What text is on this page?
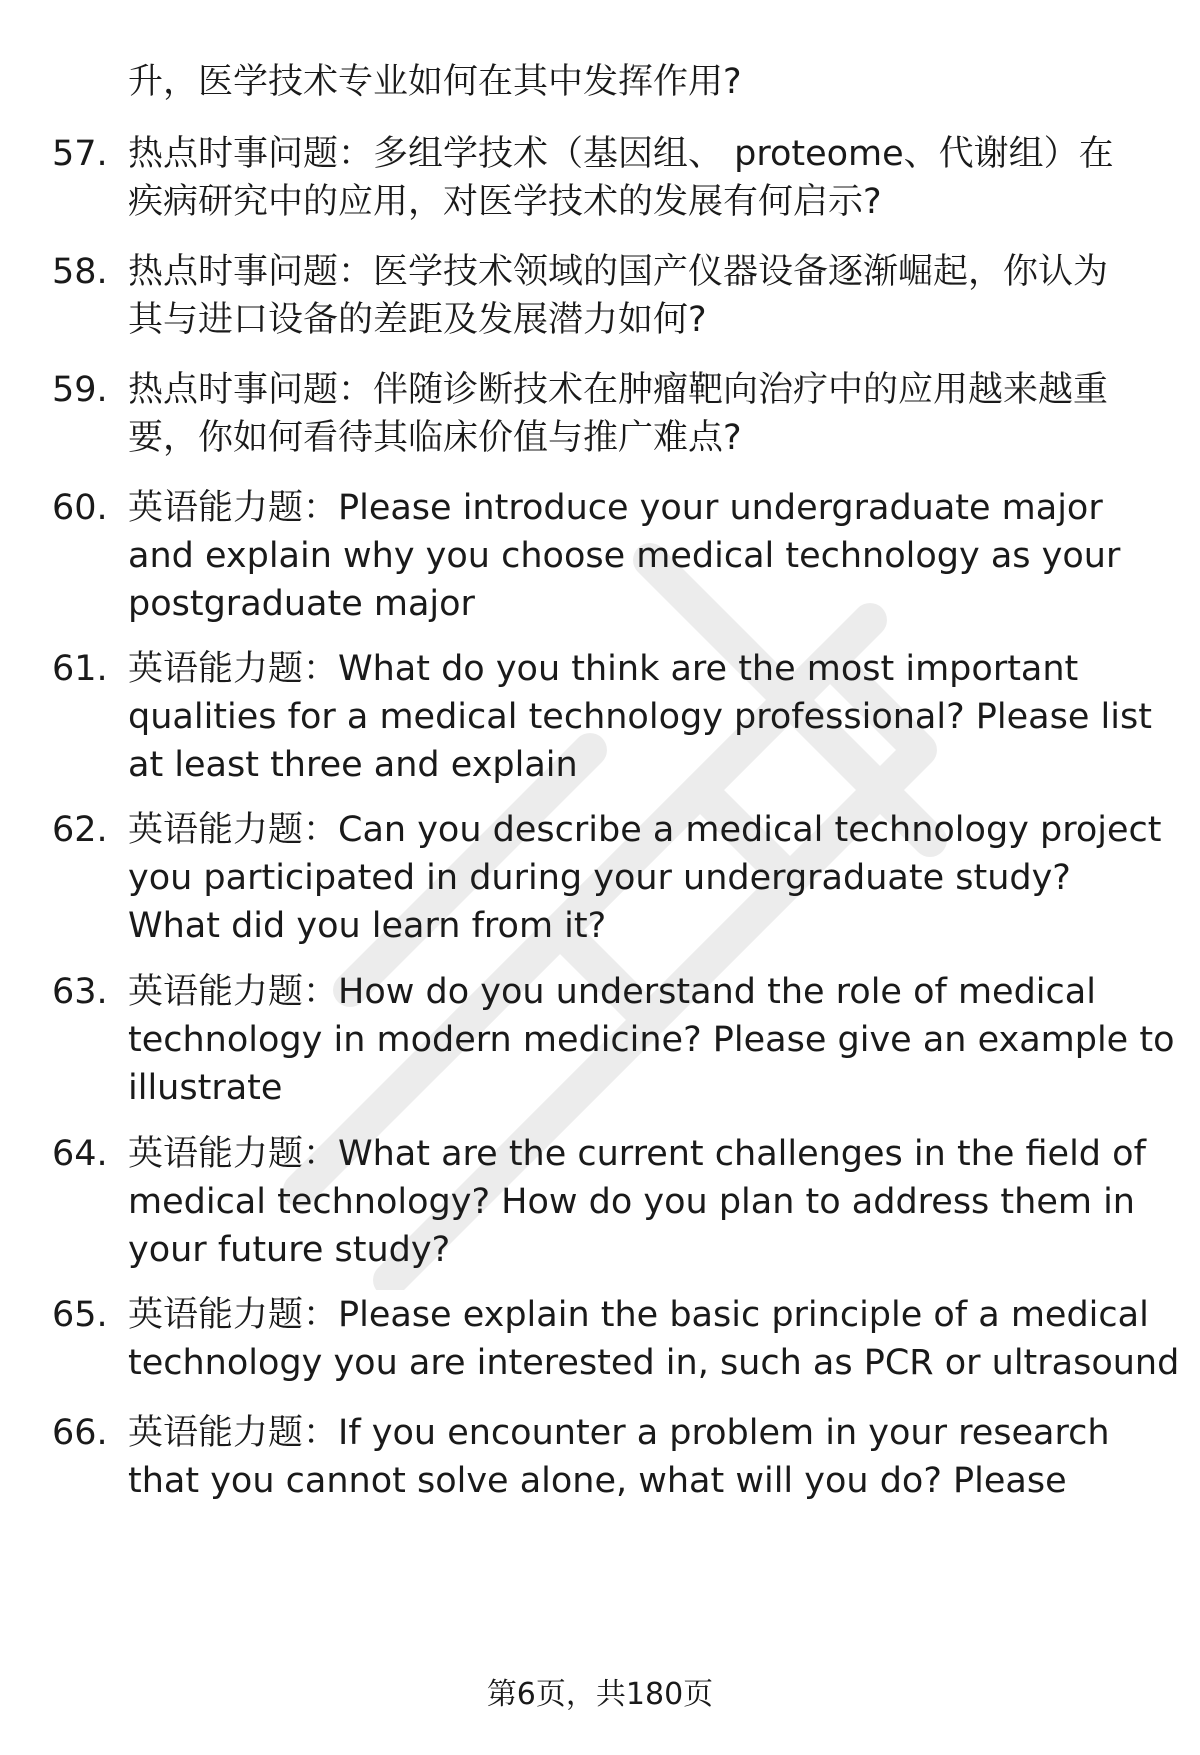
升，医学技术专业如何在其中发挥作用?
57. 热点时事问题：多组学技术（基因组、 proteome、代谢组）在
疾病研究中的应用，对医学技术的发展有何启示?
58. 热点时事问题：医学技术领域的国产仪器设备逐渐崛起，你认为
其与进口设备的差距及发展潜力如何?
59. 热点时事问题：伴随诊断技术在肿瘤靶向治疗中的应用越来越重
要，你如何看待其临床价值与推广难点?
60. 英语能力题：Please introduce your undergraduate major
and explain why you choose medical technology as your
postgraduate major
61. 英语能力题：What do you think are the most important
qualities for a medical technology professional? Please list
at least three and explain
62. 英语能力题：Can you describe a medical technology project
you participated in during your undergraduate study?
What did you learn from it?
63. 英语能力题：How do you understand the role of medical
technology in modern medicine? Please give an example to
illustrate
64. 英语能力题：What are the current challenges in the field of
medical technology? How do you plan to address them in
your future study?
65. 英语能力题：Please explain the basic principle of a medical
technology you are interested in, such as PCR or ultrasound
66. 英语能力题：If you encounter a problem in your research
that you cannot solve alone, what will you do? Please
第6页，共180页
